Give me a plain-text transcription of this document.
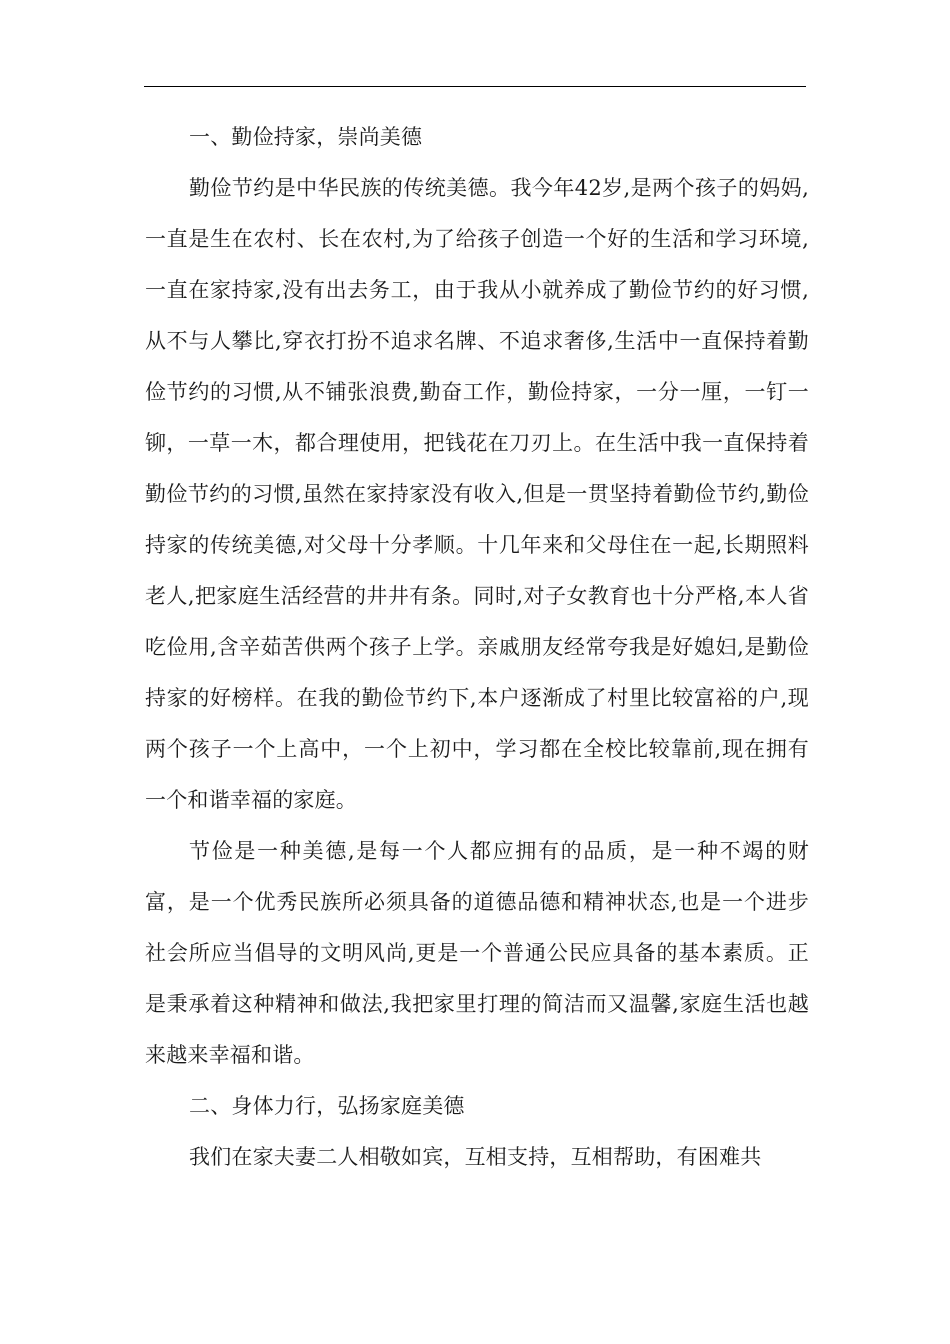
一、勤俭持家，崇尚美德

勤俭节约是中华民族的传统美德。我今年42岁,是两个孩子的妈妈,一直是生在农村、长在农村,为了给孩子创造一个好的生活和学习环境,一直在家持家,没有出去务工，由于我从小就养成了勤俭节约的好习惯,从不与人攀比,穿衣打扮不追求名牌、不追求奢侈,生活中一直保持着勤俭节约的习惯,从不铺张浪费,勤奋工作，勤俭持家，一分一厘，一钉一铆，一草一木，都合理使用，把钱花在刀刃上。在生活中我一直保持着勤俭节约的习惯,虽然在家持家没有收入,但是一贯坚持着勤俭节约,勤俭持家的传统美德,对父母十分孝顺。十几年来和父母住在一起,长期照料老人,把家庭生活经营的井井有条。同时,对子女教育也十分严格,本人省吃俭用,含辛茹苦供两个孩子上学。亲戚朋友经常夸我是好媳妇,是勤俭持家的好榜样。在我的勤俭节约下,本户逐渐成了村里比较富裕的户,现两个孩子一个上高中，一个上初中，学习都在全校比较靠前,现在拥有一个和谐幸福的家庭。

节俭是一种美德,是每一个人都应拥有的品质，是一种不竭的财富，是一个优秀民族所必须具备的道德品德和精神状态,也是一个进步社会所应当倡导的文明风尚,更是一个普通公民应具备的基本素质。正是秉承着这种精神和做法,我把家里打理的简洁而又温馨,家庭生活也越来越来幸福和谐。

二、身体力行，弘扬家庭美德

我们在家夫妻二人相敬如宾，互相支持，互相帮助，有困难共
